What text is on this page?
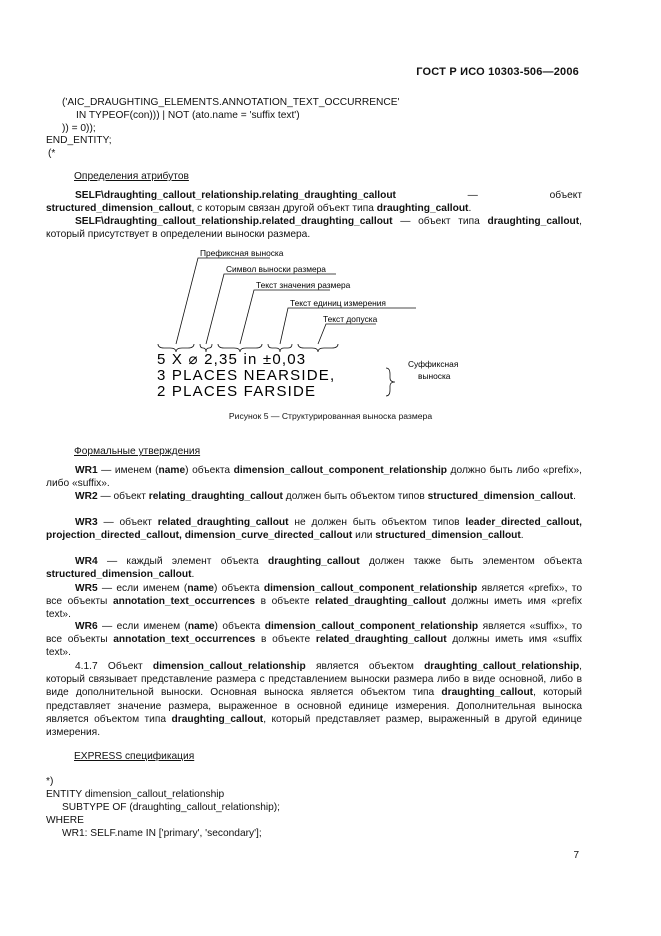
ГОСТ Р ИСО 10303-506—2006
('AIC_DRAUGHTING_ELEMENTS.ANNOTATION_TEXT_OCCURRENCE'
IN TYPEOF(con))) | NOT (ato.name = 'suffix text')
)) = 0));
END_ENTITY;
(*
Определения атрибутов
SELF\draughting_callout_relationship.relating_draughting_callout — объект structured_dimension_callout, с которым связан другой объект типа draughting_callout.
SELF\draughting_callout_relationship.related_draughting_callout — объект типа draughting_callout, который присутствует в определении выноски размера.
Префиксная выноска
Символ выноски размера
Текст значения размера
Текст единиц измерения
Текст допуска
5 X ⌀ 2,35 in ±0,03
3 PLACES NEARSIDE,
2 PLACES FARSIDE
Суффиксная
выноска
Рисунок 5 — Структурированная выноска размера
Формальные утверждения
WR1 — именем (name) объекта dimension_callout_component_relationship должно быть либо «prefix», либо «suffix».
WR2 — объект relating_draughting_callout должен быть объектом типов structured_dimension_callout.
WR3 — объект related_draughting_callout не должен быть объектом типов leader_directed_callout, projection_directed_callout, dimension_curve_directed_callout или structured_dimension_callout.
WR4 — каждый элемент объекта draughting_callout должен также быть элементом объекта structured_dimension_callout.
WR5 — если именем (name) объекта dimension_callout_component_relationship является «prefix», то все объекты annotation_text_occurrences в объекте related_draughting_callout должны иметь имя «prefix text».
WR6 — если именем (name) объекта dimension_callout_component_relationship является «suffix», то все объекты annotation_text_occurrences в объекте related_draughting_callout должны иметь имя «suffix text».
4.1.7 Объект dimension_callout_relationship является объектом draughting_callout_relationship, который связывает представление размера с представлением выноски размера либо в виде основной, либо в виде дополнительной выноски. Основная выноска является объектом типа draughting_callout, который представляет значение размера, выраженное в основной единице измерения. Дополнительная выноска является объектом типа draughting_callout, который представляет размер, выраженный в другой единице измерения.
EXPRESS спецификация
*)
ENTITY dimension_callout_relationship
SUBTYPE OF (draughting_callout_relationship);
WHERE
WR1: SELF.name IN ['primary', 'secondary'];
7
